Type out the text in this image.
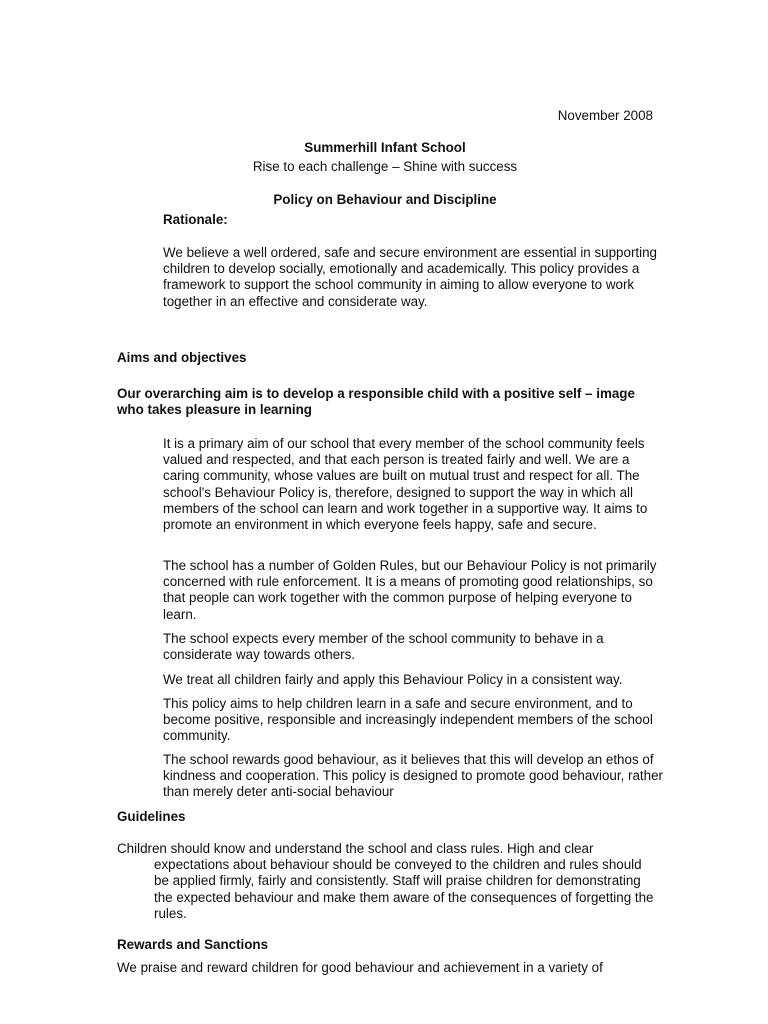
November 2008

Summerhill Infant School

Rise to each challenge – Shine with success

Policy on Behaviour and Discipline

Rationale:

We believe a well ordered, safe and secure environment are essential in supporting children to develop socially, emotionally and academically. This policy provides a framework to support the school community in aiming to allow everyone to work together in an effective and considerate way.

Aims and objectives

Our overarching aim is to develop a responsible child with a positive self – image who takes pleasure in learning

It is a primary aim of our school that every member of the school community feels valued and respected, and that each person is treated fairly and well. We are a caring community, whose values are built on mutual trust and respect for all. The school's Behaviour Policy is, therefore, designed to support the way in which all members of the school can learn and work together in a supportive way. It aims to promote an environment in which everyone feels happy, safe and secure.

The school has a number of Golden Rules, but our Behaviour Policy is not primarily concerned with rule enforcement. It is a means of promoting good relationships, so that people can work together with the common purpose of helping everyone to learn.

The school expects every member of the school community to behave in a considerate way towards others.

We treat all children fairly and apply this Behaviour Policy in a consistent way.

This policy aims to help children learn in a safe and secure environment, and to become positive, responsible and increasingly independent members of the school community.

The school rewards good behaviour, as it believes that this will develop an ethos of kindness and cooperation. This policy is designed to promote good behaviour, rather than merely deter anti-social behaviour

Guidelines

Children should know and understand the school and class rules. High and clear expectations about behaviour should be conveyed to the children and rules should be applied firmly, fairly and consistently. Staff will praise children for demonstrating the expected behaviour and make them aware of the consequences of forgetting the rules.

Rewards and Sanctions

We praise and reward children for good behaviour and achievement in a variety of
